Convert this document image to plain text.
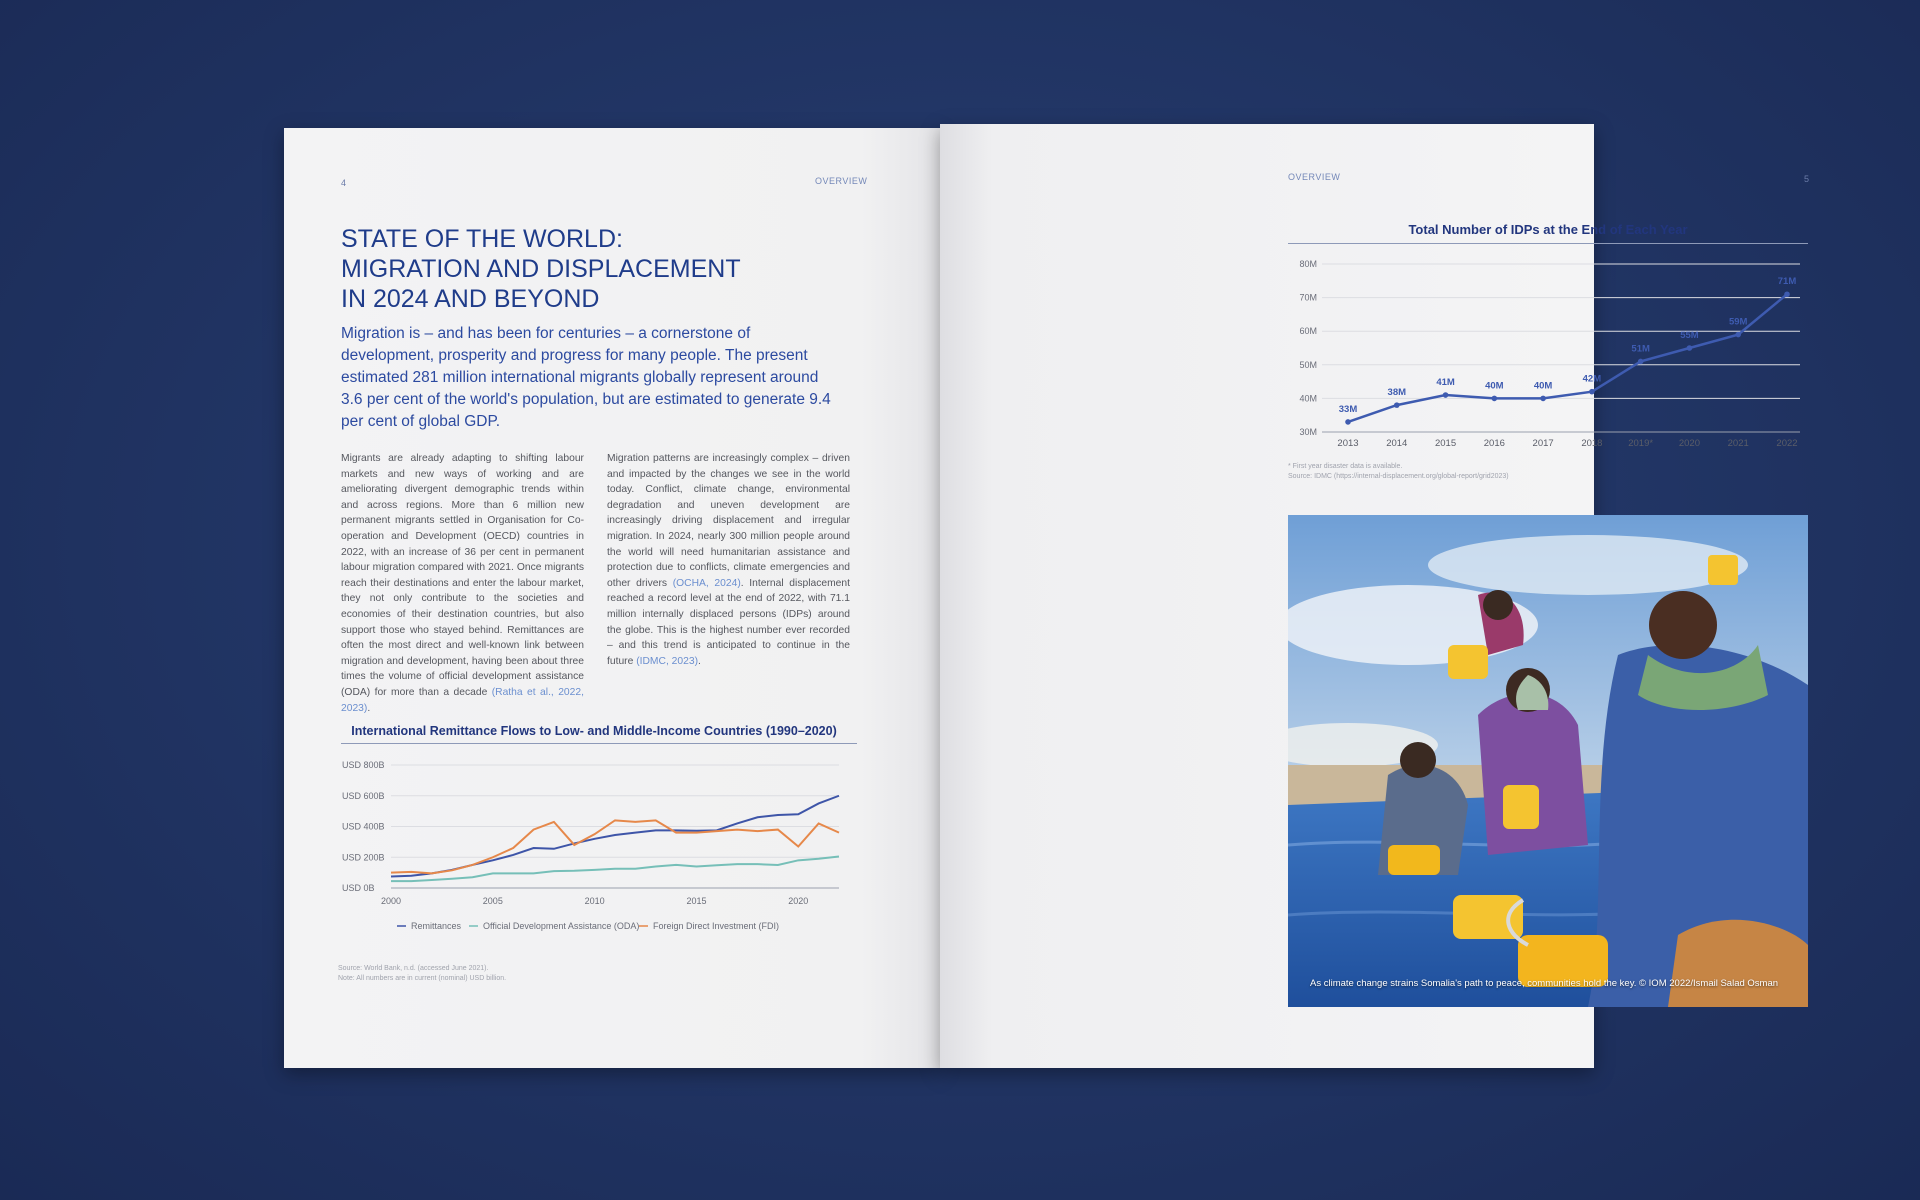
4	OVERVIEW
STATE OF THE WORLD:
MIGRATION AND DISPLACEMENT
IN 2024 AND BEYOND

Migration is – and has been for centuries – a cornerstone of development, prosperity and progress for many people. The present estimated 281 million international migrants globally represent around 3.6 per cent of the world's population, but are estimated to generate 9.4 per cent of global GDP.

Migrants are already adapting to shifting labour markets and new ways of working and are ameliorating divergent demographic trends within and across regions. More than 6 million new permanent migrants settled in Organisation for Co-operation and Development (OECD) countries in 2022, with an increase of 36 per cent in permanent labour migration compared with 2021. Once migrants reach their destinations and enter the labour market, they not only contribute to the societies and economies of their destination countries, but also support those who stayed behind. Remittances are often the most direct and well-known link between migration and development, having been about three times the volume of official development assistance (ODA) for more than a decade (Ratha et al., 2022, 2023).

Migration patterns are increasingly complex – driven and impacted by the changes we see in the world today. Conflict, climate change, environmental degradation and uneven development are increasingly driving displacement and irregular migration. In 2024, nearly 300 million people around the world will need humanitarian assistance and protection due to conflicts, climate emergencies and other drivers (OCHA, 2024). Internal displacement reached a record level at the end of 2022, with 71.1 million internally displaced persons (IDPs) around the globe. This is the highest number ever recorded – and this trend is anticipated to continue in the future (IDMC, 2023).

International Remittance Flows to Low- and Middle-Income Countries (1990–2020)
USD 0B
USD 200B
USD 400B
USD 600B
USD 800B
2000	2005	2010	2015	2020
Remittances Official Development Assistance (ODA) Foreign Direct Investment (FDI)
Source: World Bank, n.d. (accessed June 2021).
Note: All numbers are in current (nominal) USD billion.
OVERVIEW	5
Total Number of IDPs at the End of Each Year
30M
40M
50M
60M
70M
80M
2013	2014	2015	2016	2017	2018	2019*	2020	2021	2022
33M
38M
41M	40M	40M
42M
51M
55M
59M
71M
* First year disaster data is available.
Source: IDMC (https://internal-displacement.org/global-report/grid2023)
As climate change strains Somalia's path to peace, communities hold the key. © IOM 2022/Ismail Salad Osman
